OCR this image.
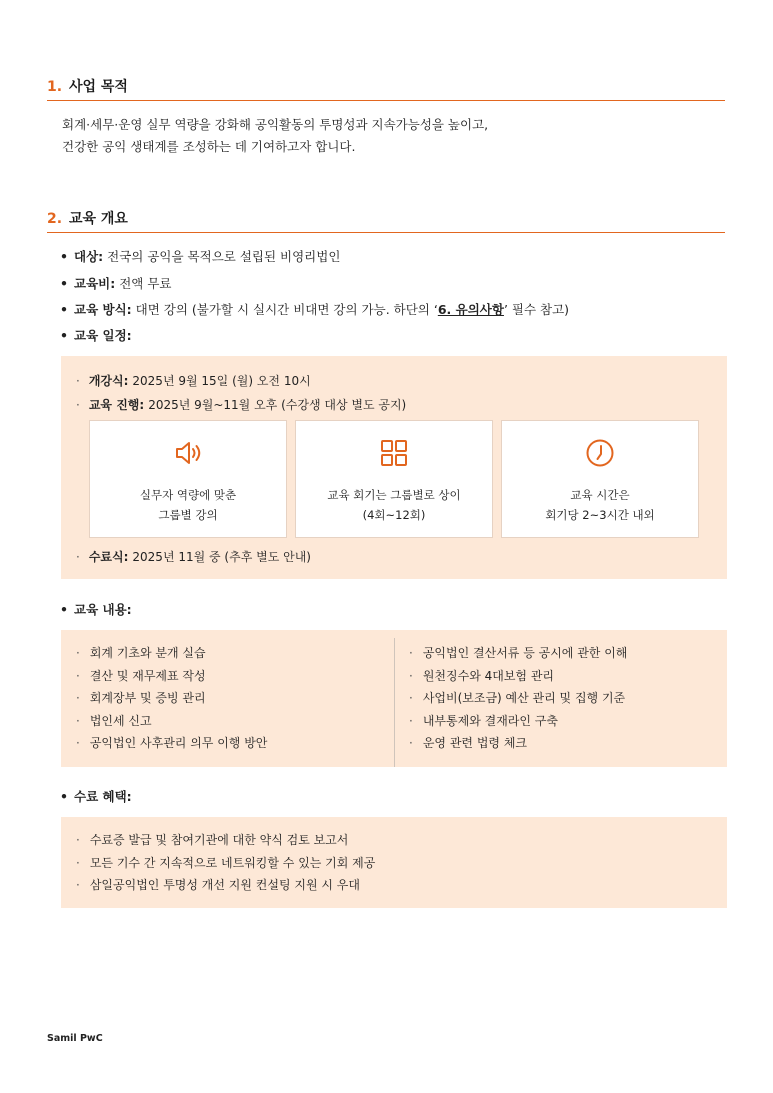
1. 사업 목적
회계·세무·운영 실무 역량을 강화해 공익활동의 투명성과 지속가능성을 높이고,
건강한 공익 생태계를 조성하는 데 기여하고자 합니다.
2. 교육 개요
• 대상: 전국의 공익을 목적으로 설립된 비영리법인
• 교육비: 전액 무료
• 교육 방식: 대면 강의 (불가할 시 실시간 비대면 강의 가능. 하단의 ‘6. 유의사항’ 필수 참고)
• 교육 일정:
· 개강식: 2025년 9월 15일 (월) 오전 10시
· 교육 진행: 2025년 9월~11월 오후 (수강생 대상 별도 공지)
실무자 역량에 맞춘
그룹별 강의
교육 회기는 그룹별로 상이
(4회~12회)
교육 시간은
회기당 2~3시간 내외
· 수료식: 2025년 11월 중 (추후 별도 안내)
• 교육 내용:
· 회계 기초와 분개 실습
· 결산 및 재무제표 작성
· 회계장부 및 증빙 관리
· 법인세 신고
· 공익법인 사후관리 의무 이행 방안
· 공익법인 결산서류 등 공시에 관한 이해
· 원천징수와 4대보험 관리
· 사업비(보조금) 예산 관리 및 집행 기준
· 내부통제와 결재라인 구축
· 운영 관련 법령 체크
• 수료 혜택:
· 수료증 발급 및 참여기관에 대한 약식 검토 보고서
· 모든 기수 간 지속적으로 네트워킹할 수 있는 기회 제공
· 삼일공익법인 투명성 개선 지원 컨설팅 지원 시 우대
Samil PwC
